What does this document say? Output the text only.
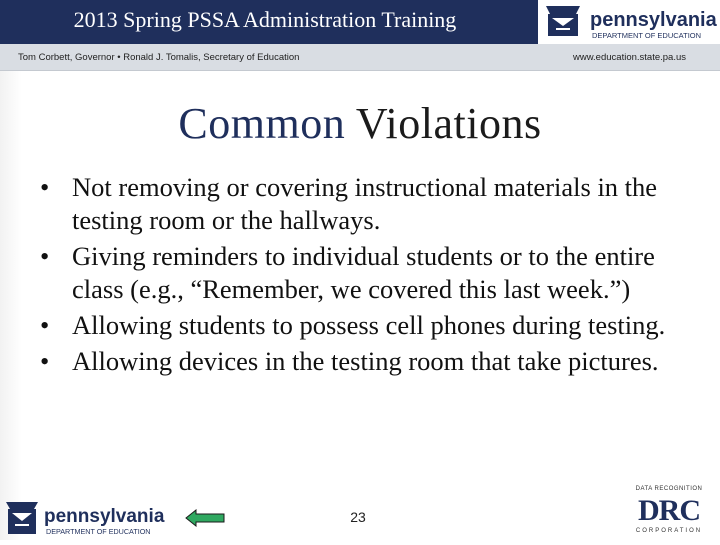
2013 Spring PSSA Administration Training	pennsylvania
DEPARTMENT OF EDUCATION
Tom Corbett, Governor • Ronald J. Tomalis, Secretary of Education	www.education.state.pa.us
Common Violations
• Not removing or covering instructional materials in the testing room or the hallways.
• Giving reminders to individual students or to the entire class (e.g., “Remember, we covered this last week.”)
• Allowing students to possess cell phones during testing.
• Allowing devices in the testing room that take pictures.
pennsylvania
DEPARTMENT OF EDUCATION
23
DATA RECOGNITION
DRC
CORPORATION
